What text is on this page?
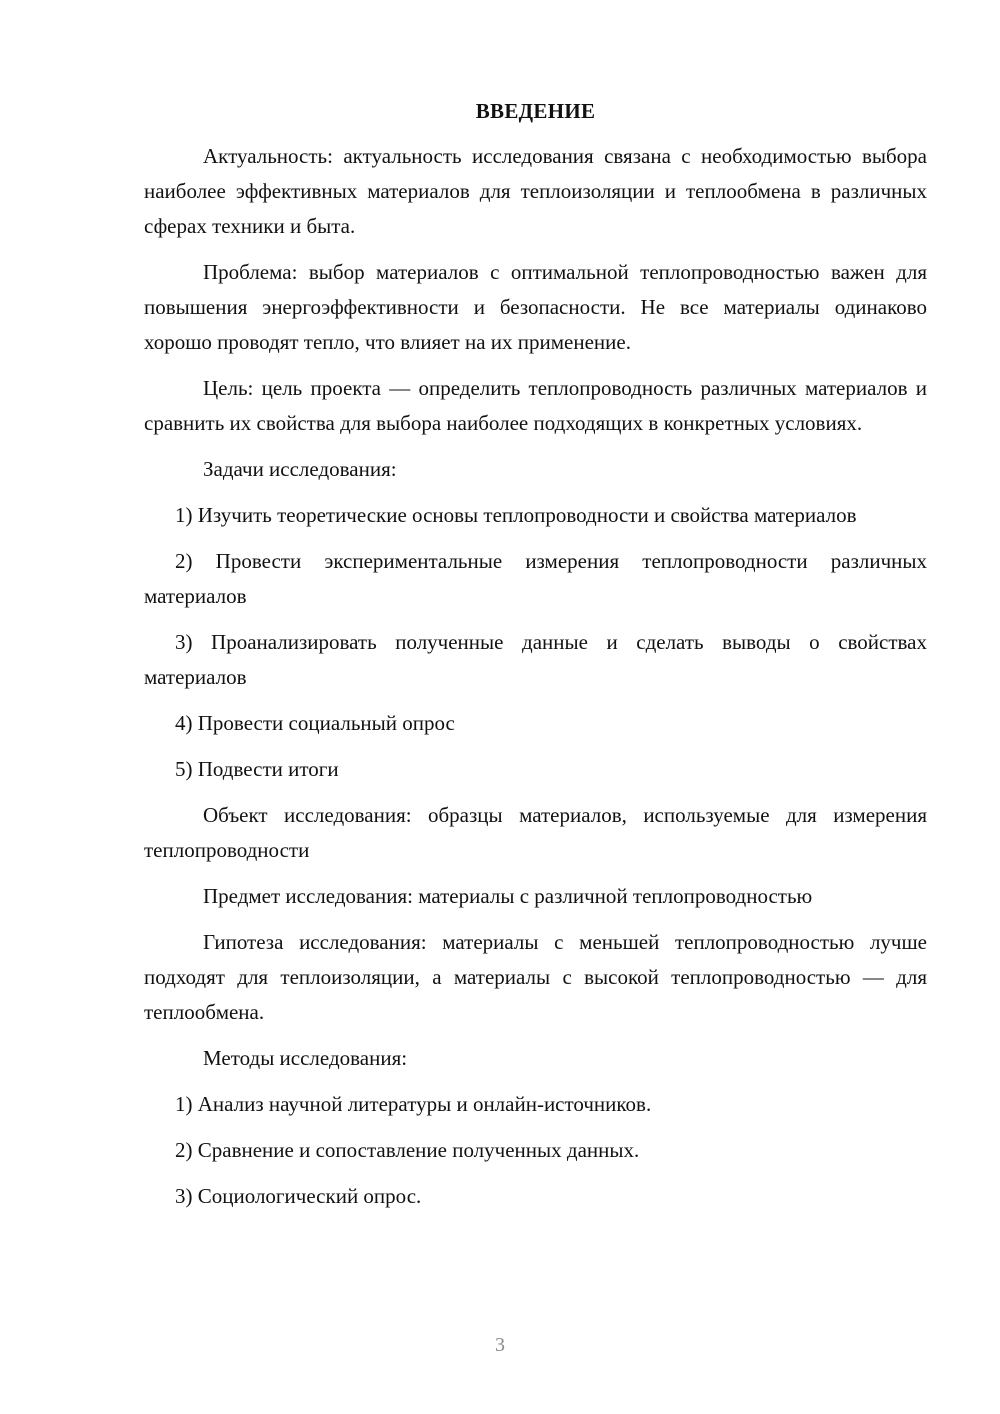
ВВЕДЕНИЕ

Актуальность: актуальность исследования связана с необходимостью выбора наиболее эффективных материалов для теплоизоляции и теплообмена в различных сферах техники и быта.

Проблема: выбор материалов с оптимальной теплопроводностью важен для повышения энергоэффективности и безопасности. Не все материалы одинаково хорошо проводят тепло, что влияет на их применение.

Цель: цель проекта — определить теплопроводность различных материалов и сравнить их свойства для выбора наиболее подходящих в конкретных условиях.

Задачи исследования:

1) Изучить теоретические основы теплопроводности и свойства материалов

2) Провести экспериментальные измерения теплопроводности различных материалов

3) Проанализировать полученные данные и сделать выводы о свойствах материалов

4) Провести социальный опрос

5) Подвести итоги

Объект исследования: образцы материалов, используемые для измерения теплопроводности

Предмет исследования: материалы с различной теплопроводностью

Гипотеза исследования: материалы с меньшей теплопроводностью лучше подходят для теплоизоляции, а материалы с высокой теплопроводностью — для теплообмена.

Методы исследования:

1) Анализ научной литературы и онлайн-источников.

2) Сравнение и сопоставление полученных данных.

3) Социологический опрос.

3
